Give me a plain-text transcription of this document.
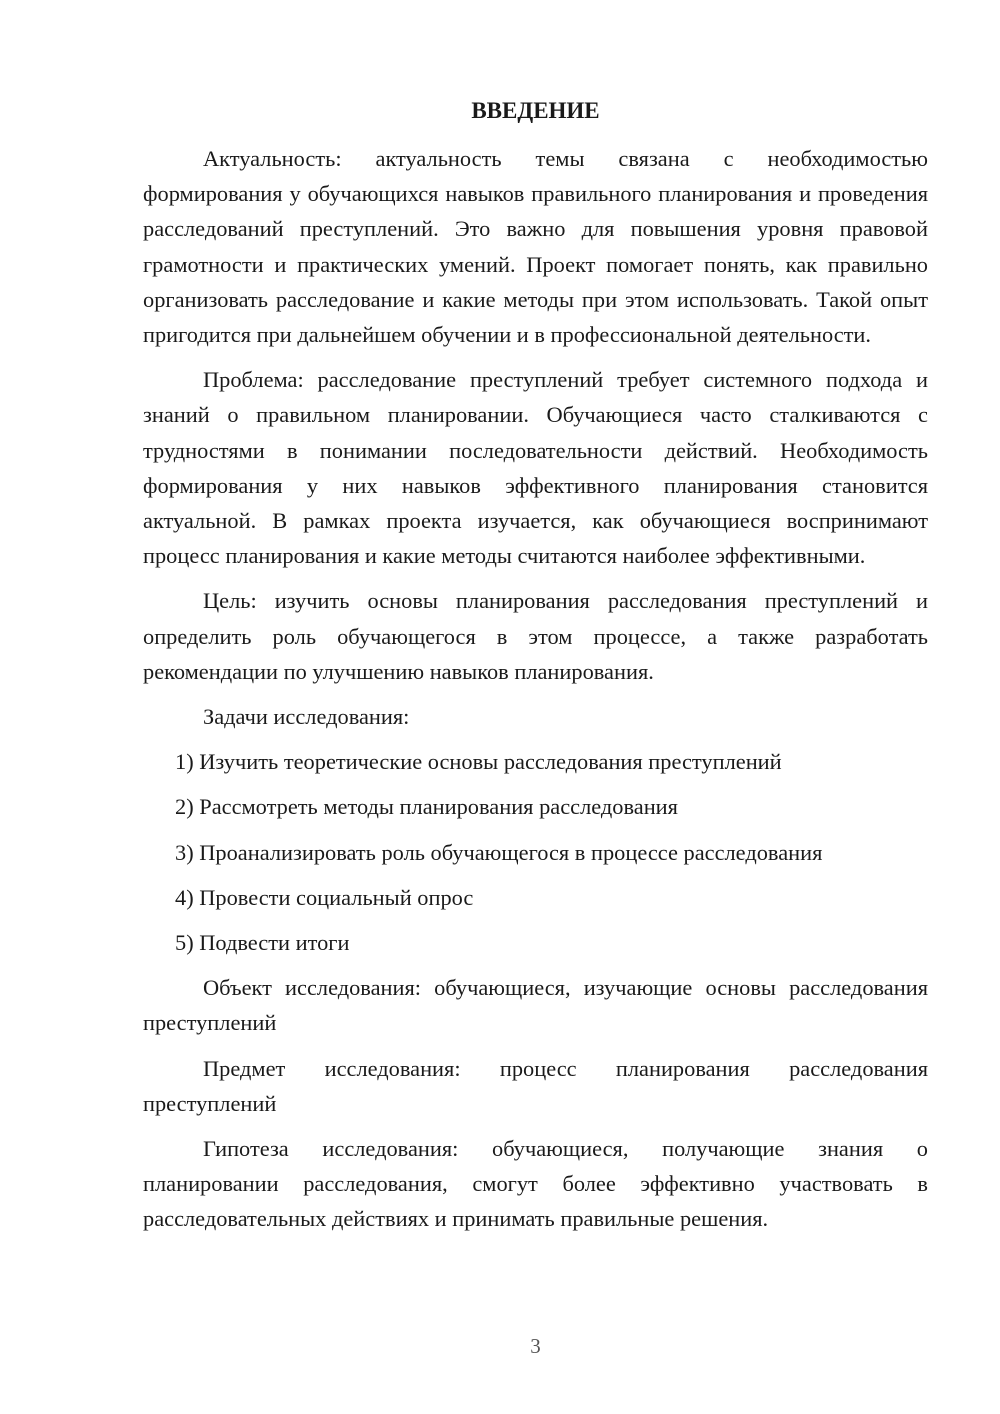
ВВЕДЕНИЕ

Актуальность: актуальность темы связана с необходимостью формирования у обучающихся навыков правильного планирования и проведения расследований преступлений. Это важно для повышения уровня правовой грамотности и практических умений. Проект помогает понять, как правильно организовать расследование и какие методы при этом использовать. Такой опыт пригодится при дальнейшем обучении и в профессиональной деятельности.

Проблема: расследование преступлений требует системного подхода и знаний о правильном планировании. Обучающиеся часто сталкиваются с трудностями в понимании последовательности действий. Необходимость формирования у них навыков эффективного планирования становится актуальной. В рамках проекта изучается, как обучающиеся воспринимают процесс планирования и какие методы считаются наиболее эффективными.

Цель: изучить основы планирования расследования преступлений и определить роль обучающегося в этом процессе, а также разработать рекомендации по улучшению навыков планирования.

Задачи исследования:

1) Изучить теоретические основы расследования преступлений

2) Рассмотреть методы планирования расследования

3) Проанализировать роль обучающегося в процессе расследования

4) Провести социальный опрос

5) Подвести итоги

Объект исследования: обучающиеся, изучающие основы расследования преступлений

Предмет исследования: процесс планирования расследования преступлений

Гипотеза исследования: обучающиеся, получающие знания о планировании расследования, смогут более эффективно участвовать в расследовательных действиях и принимать правильные решения.

3
